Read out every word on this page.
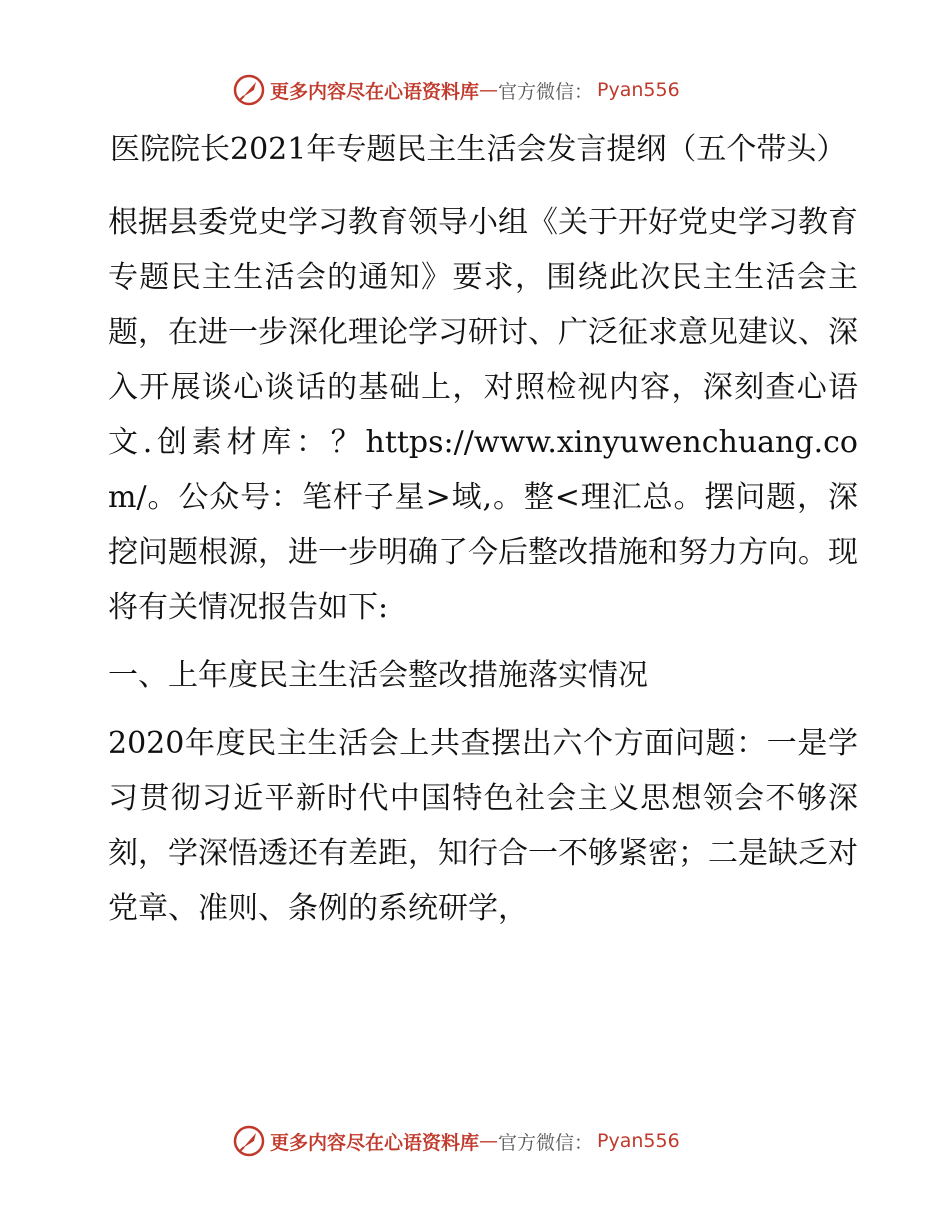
更多内容尽在心语资料库 — 官方微信： Pyan556

医院院长2021年专题民主生活会发言提纲（五个带头）

根据县委党史学习教育领导小组《关于开好党史学习教育专题民主生活会的通知》要求，围绕此次民主生活会主题，在进一步深化理论学习研讨、广泛征求意见建议、深入开展谈心谈话的基础上，对照检视内容，深刻查心语文.创素材库：？https://www.xinyuwenchuang.com/。公众号：笔杆子星>域,。整<理汇总。摆问题，深挖问题根源，进一步明确了今后整改措施和努力方向。现将有关情况报告如下:

一、上年度民主生活会整改措施落实情况

2020年度民主生活会上共查摆出六个方面问题：一是学习贯彻习近平新时代中国特色社会主义思想领会不够深刻，学深悟透还有差距，知行合一不够紧密；二是缺乏对党章、准则、条例的系统研学，

更多内容尽在心语资料库 — 官方微信： Pyan556
